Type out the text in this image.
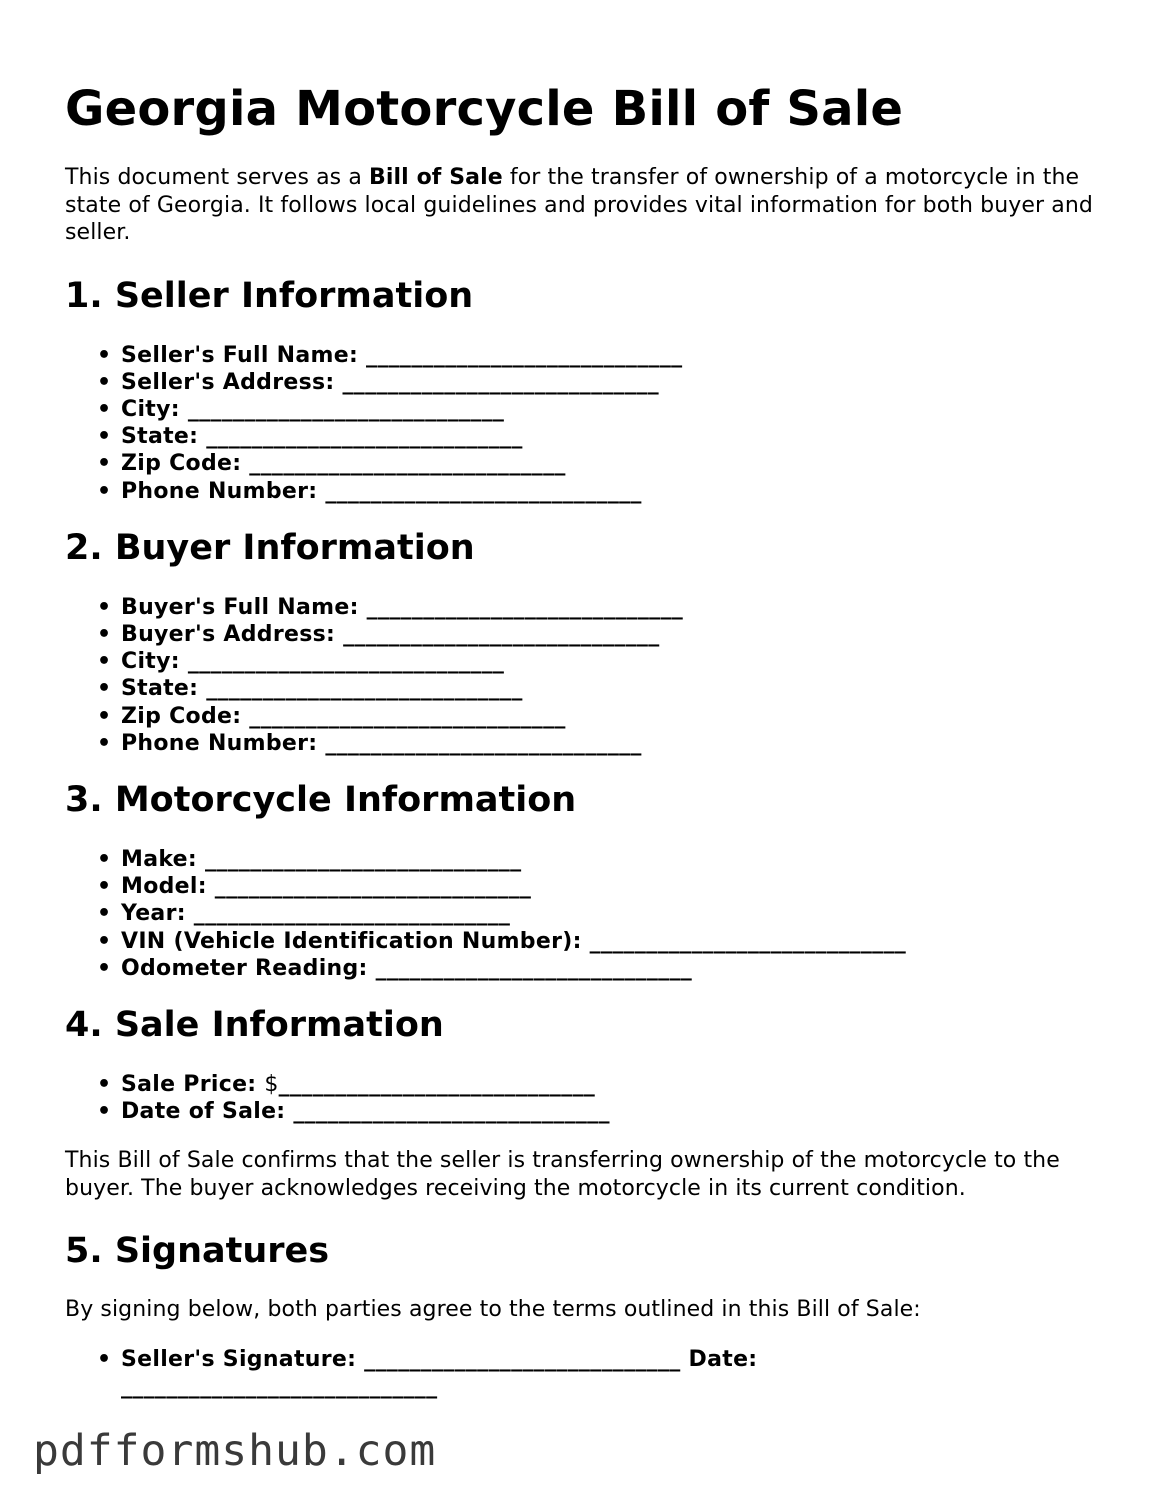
Georgia Motorcycle Bill of Sale

This document serves as a Bill of Sale for the transfer of ownership of a motorcycle in the state of Georgia. It follows local guidelines and provides vital information for both buyer and seller.

1. Seller Information
• Seller's Full Name: ____________________________
• Seller's Address: ____________________________
• City: ____________________________
• State: ____________________________
• Zip Code: ____________________________
• Phone Number: ____________________________
2. Buyer Information
• Buyer's Full Name: ____________________________
• Buyer's Address: ____________________________
• City: ____________________________
• State: ____________________________
• Zip Code: ____________________________
• Phone Number: ____________________________
3. Motorcycle Information
• Make: ____________________________
• Model: ____________________________
• Year: ____________________________
• VIN (Vehicle Identification Number): ____________________________
• Odometer Reading: ____________________________
4. Sale Information
• Sale Price: $____________________________
• Date of Sale: ____________________________

This Bill of Sale confirms that the seller is transferring ownership of the motorcycle to the buyer. The buyer acknowledges receiving the motorcycle in its current condition.

5. Signatures

By signing below, both parties agree to the terms outlined in this Bill of Sale:

• Seller's Signature: ____________________________ Date: ____________________________
pdfformshub.com
